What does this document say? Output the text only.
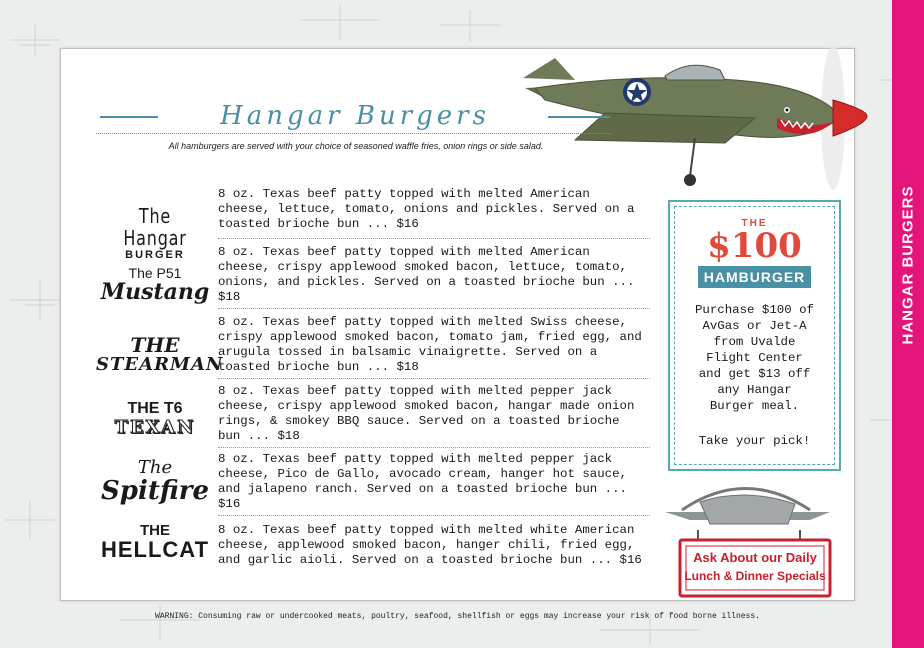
HANGAR BURGERS
Hangar Burgers
All hamburgers are served with your choice of seasoned waffle fries, onion rings or side salad.
The Hangar
BURGER
8 oz. Texas beef patty topped with melted American cheese, lettuce, tomato, onions and pickles. Served on a toasted brioche bun ... $16
The P51
Mustang
8 oz. Texas beef patty topped with melted American cheese, crispy applewood smoked bacon, lettuce, tomato, onions, and pickles. Served on a toasted brioche bun ... $18
THE
STEARMAN
8 oz. Texas beef patty topped with melted Swiss cheese, crispy applewood smoked bacon, tomato jam, fried egg, and arugula tossed in balsamic vinaigrette. Served on a toasted brioche bun ... $18
THE T6
TEXAN
8 oz. Texas beef patty topped with melted pepper jack cheese, crispy applewood smoked bacon, hangar made onion rings, & smokey BBQ sauce. Served on a toasted brioche bun ... $18
The
Spitfire
8 oz. Texas beef patty topped with melted pepper jack cheese, Pico de Gallo, avocado cream, hanger hot sauce, and jalapeno ranch. Served on a toasted brioche bun ... $16
THE
HELLCAT
8 oz. Texas beef patty topped with melted white American cheese, applewood smoked bacon, hanger chili, fried egg, and garlic aioli. Served on a toasted brioche bun ... $16
THE
$100
HAMBURGER
Purchase $100 of AvGas or Jet-A from Uvalde Flight Center and get $13 off any Hangar Burger meal.
Take your pick!
Ask About our Daily
Lunch & Dinner Specials
WARNING: Consuming raw or undercooked meats, poultry, seafood, shellfish or eggs may increase your risk of food borne illness.
